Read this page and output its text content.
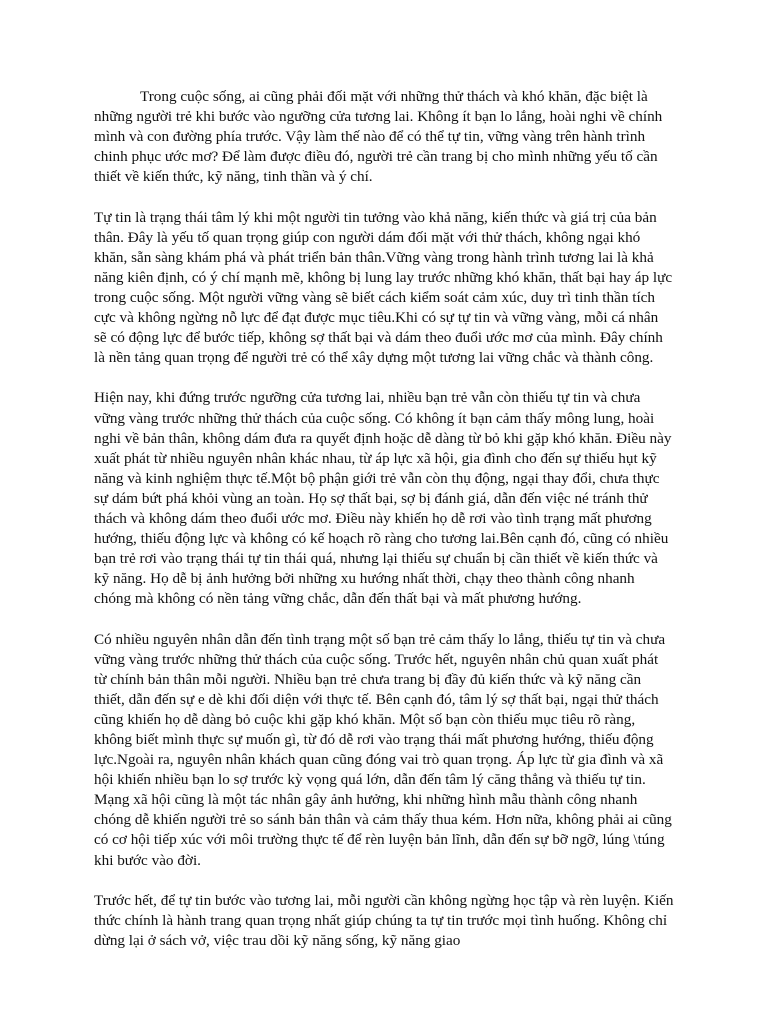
Trong cuộc sống, ai cũng phải đối mặt với những thử thách và khó khăn, đặc biệt là những người trẻ khi bước vào ngưỡng cửa tương lai. Không ít bạn lo lắng, hoài nghi về chính mình và con đường phía trước. Vậy làm thế nào để có thể tự tin, vững vàng trên hành trình chinh phục ước mơ? Để làm được điều đó, người trẻ cần trang bị cho mình những yếu tố cần thiết về kiến thức, kỹ năng, tinh thần và ý chí.

Tự tin là trạng thái tâm lý khi một người tin tưởng vào khả năng, kiến thức và giá trị của bản thân. Đây là yếu tố quan trọng giúp con người dám đối mặt với thử thách, không ngại khó khăn, sẵn sàng khám phá và phát triển bản thân.Vững vàng trong hành trình tương lai là khả năng kiên định, có ý chí mạnh mẽ, không bị lung lay trước những khó khăn, thất bại hay áp lực trong cuộc sống. Một người vững vàng sẽ biết cách kiểm soát cảm xúc, duy trì tinh thần tích cực và không ngừng nỗ lực để đạt được mục tiêu.Khi có sự tự tin và vững vàng, mỗi cá nhân sẽ có động lực để bước tiếp, không sợ thất bại và dám theo đuổi ước mơ của mình. Đây chính là nền tảng quan trọng để người trẻ có thể xây dựng một tương lai vững chắc và thành công.

Hiện nay, khi đứng trước ngưỡng cửa tương lai, nhiều bạn trẻ vẫn còn thiếu tự tin và chưa vững vàng trước những thử thách của cuộc sống. Có không ít bạn cảm thấy mông lung, hoài nghi về bản thân, không dám đưa ra quyết định hoặc dễ dàng từ bỏ khi gặp khó khăn. Điều này xuất phát từ nhiều nguyên nhân khác nhau, từ áp lực xã hội, gia đình cho đến sự thiếu hụt kỹ năng và kinh nghiệm thực tế.Một bộ phận giới trẻ vẫn còn thụ động, ngại thay đổi, chưa thực sự dám bứt phá khỏi vùng an toàn. Họ sợ thất bại, sợ bị đánh giá, dẫn đến việc né tránh thử thách và không dám theo đuổi ước mơ. Điều này khiến họ dễ rơi vào tình trạng mất phương hướng, thiếu động lực và không có kế hoạch rõ ràng cho tương lai.Bên cạnh đó, cũng có nhiều bạn trẻ rơi vào trạng thái tự tin thái quá, nhưng lại thiếu sự chuẩn bị cần thiết về kiến thức và kỹ năng. Họ dễ bị ảnh hưởng bởi những xu hướng nhất thời, chạy theo thành công nhanh chóng mà không có nền tảng vững chắc, dẫn đến thất bại và mất phương hướng.

Có nhiều nguyên nhân dẫn đến tình trạng một số bạn trẻ cảm thấy lo lắng, thiếu tự tin và chưa vững vàng trước những thử thách của cuộc sống. Trước hết, nguyên nhân chủ quan xuất phát từ chính bản thân mỗi người. Nhiều bạn trẻ chưa trang bị đầy đủ kiến thức và kỹ năng cần thiết, dẫn đến sự e dè khi đối diện với thực tế. Bên cạnh đó, tâm lý sợ thất bại, ngại thử thách cũng khiến họ dễ dàng bỏ cuộc khi gặp khó khăn. Một số bạn còn thiếu mục tiêu rõ ràng, không biết mình thực sự muốn gì, từ đó dễ rơi vào trạng thái mất phương hướng, thiếu động lực.Ngoài ra, nguyên nhân khách quan cũng đóng vai trò quan trọng. Áp lực từ gia đình và xã hội khiến nhiều bạn lo sợ trước kỳ vọng quá lớn, dẫn đến tâm lý căng thẳng và thiếu tự tin. Mạng xã hội cũng là một tác nhân gây ảnh hưởng, khi những hình mẫu thành công nhanh chóng dễ khiến người trẻ so sánh bản thân và cảm thấy thua kém. Hơn nữa, không phải ai cũng có cơ hội tiếp xúc với môi trường thực tế để rèn luyện bản lĩnh, dẫn đến sự bỡ ngỡ, lúng \túng khi bước vào đời.

Trước hết, để tự tin bước vào tương lai, mỗi người cần không ngừng học tập và rèn luyện. Kiến thức chính là hành trang quan trọng nhất giúp chúng ta tự tin trước mọi tình huống. Không chỉ dừng lại ở sách vở, việc trau dồi kỹ năng sống, kỹ năng giao
